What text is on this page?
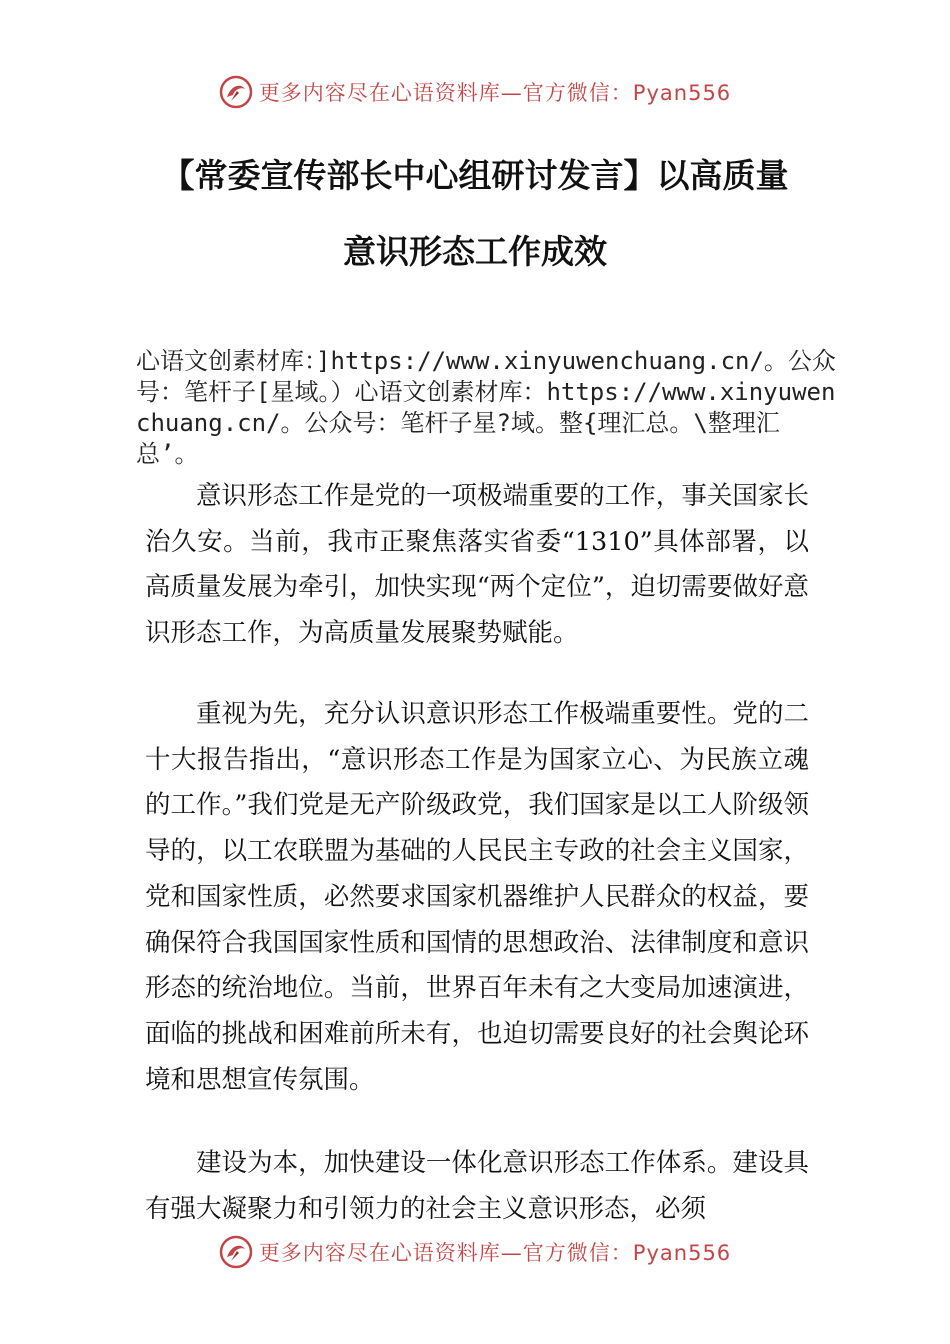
更多内容尽在心语资料库—官方微信：Pyan556
【常委宣传部长中心组研讨发言】以高质量
意识形态工作成效
心语文创素材库：]https://www.xinyuwenchuang.cn/。公众号：笔杆子[星域。）心语文创素材库：https://www.xinyuwenchuang.cn/。公众号：笔杆子星?域。整{理汇总。\整理汇总’。

意识形态工作是党的一项极端重要的工作，事关国家长治久安。当前，我市正聚焦落实省委“1310”具体部署，以高质量发展为牵引，加快实现“两个定位”，迫切需要做好意识形态工作，为高质量发展聚势赋能。

重视为先，充分认识意识形态工作极端重要性。党的二十大报告指出，“意识形态工作是为国家立心、为民族立魂的工作。”我们党是无产阶级政党，我们国家是以工人阶级领导的，以工农联盟为基础的人民民主专政的社会主义国家，党和国家性质，必然要求国家机器维护人民群众的权益，要确保符合我国国家性质和国情的思想政治、法律制度和意识形态的统治地位。当前，世界百年未有之大变局加速演进，面临的挑战和困难前所未有，也迫切需要良好的社会舆论环境和思想宣传氛围。

建设为本，加快建设一体化意识形态工作体系。建设具有强大凝聚力和引领力的社会主义意识形态，必须

更多内容尽在心语资料库—官方微信：Pyan556
